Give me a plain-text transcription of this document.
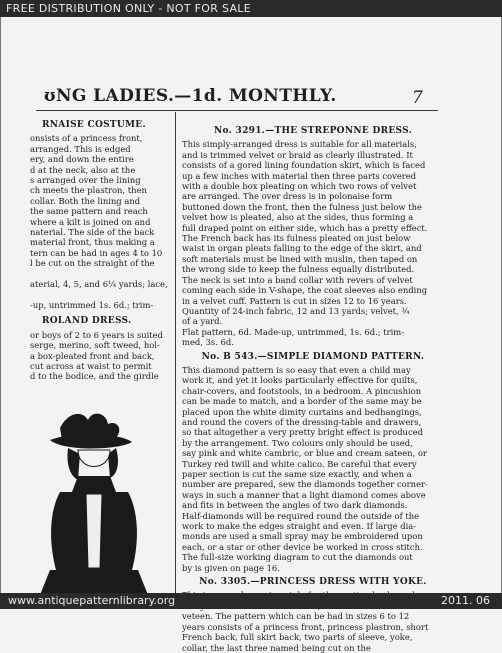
FREE DISTRIBUTION ONLY - NOT FOR SALE
ʊNG LADIES.—1d. MONTHLY.	7
RNAISE COSTUME.
onsists of a princess front,
arranged. This is edged
ery, and down the entire
d at the neck, also at the
s arranged over the lining
ch meets the plastron, then
collar. Both the lining and
the same pattern and reach
where a kilt is joined on and
naterial. The side of the back
material front, thus making a
tern can be had in ages 4 to 10
l be cut on the straight of the

aterial, 4, 5, and 6¼ yards; lace,

-up, untrimmed 1s. 6d.; trim-
ROLAND DRESS.
or boys of 2 to 6 years is suited
serge, merino, soft tweed, hol-
a box-pleated front and back,
cut across at waist to permit
d to the bodice, and the girdle
No. 3291.—THE STREPONNE DRESS.
This simply-arranged dress is suitable for all materials,
and is trimmed velvet or braid as clearly illustrated. It
consists of a gored lining foundation skirt, which is faced
up a few inches with material then three parts covered
with a double box pleating on which two rows of velvet
are arranged. The over dress is in polonaise form
buttoned down the front, then the fulness just below the
velvet bow is pleated, also at the sides, thus forming a
full draped point on either side, which has a pretty effect.
The French back has its fulness pleated on just below
waist in organ pleats falling to the edge of the skirt, and
soft materials must be lined with muslin, then taped on
the wrong side to keep the fulness equally distributed.
The neck is set into a band collar with revers of velvet
coming each side in V-shape, the coat sleeves also ending
in a velvet cuff. Pattern is cut in sizes 12 to 16 years.
Quantity of 24-inch fabric, 12 and 13 yards; velvet, ¾
of a yard.
Flat pattern, 6d. Made-up, untrimmed, 1s. 6d.; trim-
med, 3s. 6d.
No. B 543.—SIMPLE DIAMOND PATTERN.
This diamond pattern is so easy that even a child may
work it, and yet it looks particularly effective for quilts,
chair-covers, and footstools, in a bedroom. A pincushion
can be made to match, and a border of the same may be
placed upon the white dimity curtains and bedhangings,
and round the covers of the dressing-table and drawers,
so that altogether a very pretty bright effect is produced
by the arrangement. Two colours only should be used,
say pink and white cambric, or blue and cream sateen, or
Turkey red twill and white calico. Be careful that every
paper section is cut the same size exactly, and when a
number are prepared, sew the diamonds together corner-
ways in such a manner that a light diamond comes above
and fits in between the angles of two dark diamonds.
Half-diamonds will be required round the outside of the
work to make the edges straight and even. If large dia-
monds are used a small spray may be embroidered upon
each, or a star or other device be worked in cross stitch.
The full-size working diagram to cut the diamonds out
by is given on page 16.
No. 3305.—PRINCESS DRESS WITH YOKE.
veteen. The pattern which can be had in sizes 6 to 12
years consists of a princess front, princess plastron, short
French back, full skirt back, two parts of sleeve, yoke,
collar, the last three named being cut on the
www.antiquepatternlibrary.org	2011. 06
